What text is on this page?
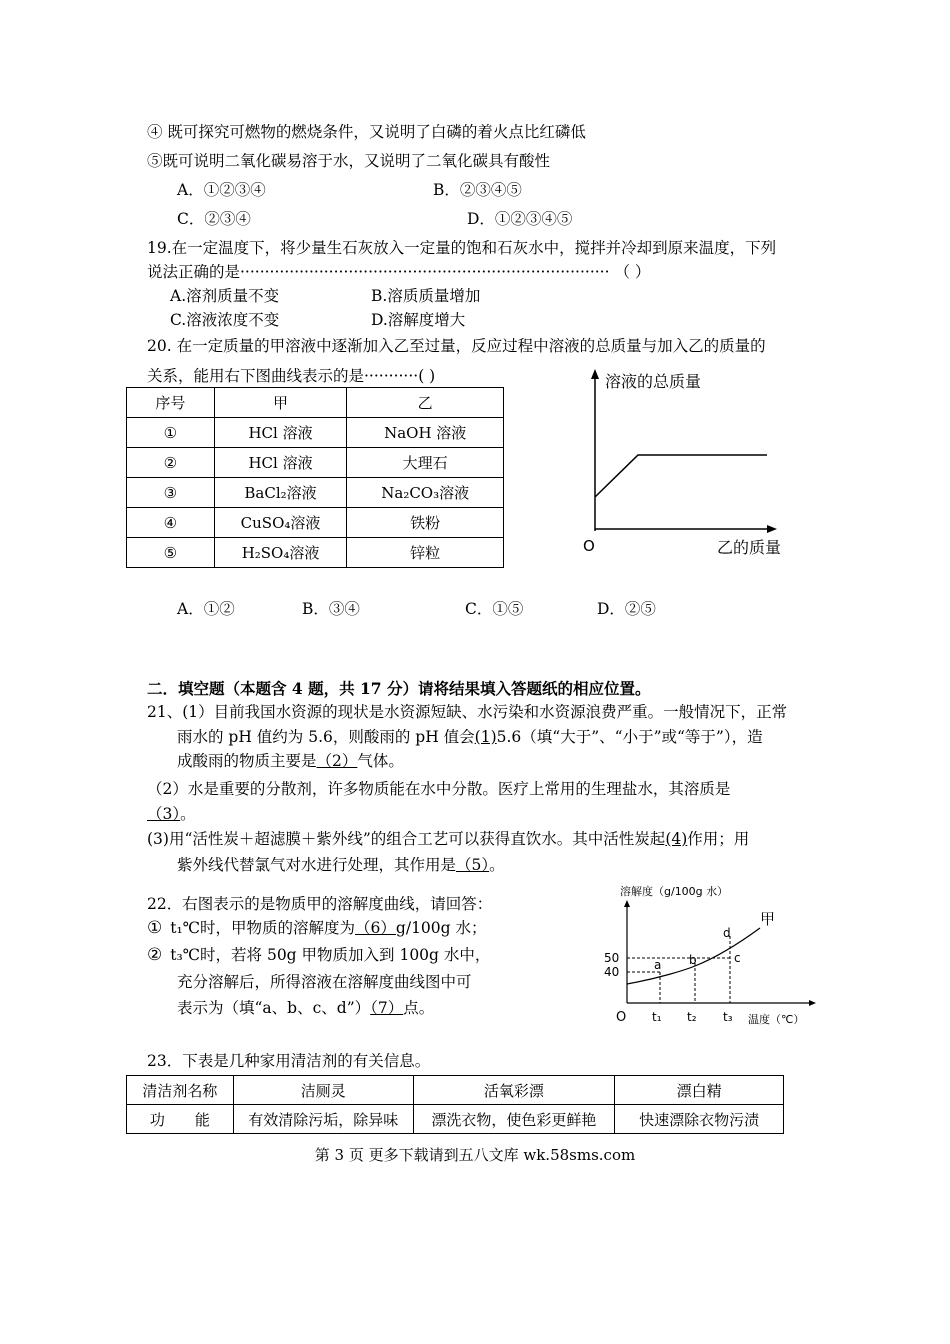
④ 既可探究可燃物的燃烧条件，又说明了白磷的着火点比红磷低
⑤既可说明二氧化碳易溶于水，又说明了二氧化碳具有酸性
A．①②③④	B．②③④⑤
C．②③④	D．①②③④⑤
19.在一定温度下，将少量生石灰放入一定量的饱和石灰水中，搅拌并冷却到原来温度，下列
说法正确的是··········································································· （ ）
A.溶剂质量不变	B.溶质质量增加
C.溶液浓度不变	D.溶解度增大
20. 在一定质量的甲溶液中逐渐加入乙至过量，反应过程中溶液的总质量与加入乙的质量的
关系，能用右下图曲线表示的是···········( )
序号	甲	乙
①	HCl 溶液	NaOH 溶液
②	HCl 溶液	大理石
③	BaCl₂溶液	Na₂CO₃溶液
④	CuSO₄溶液	铁粉
⑤	H₂SO₄溶液	锌粒
溶液的总质量
乙的质量
O
A．①②	B．③④	C．①⑤	D．②⑤
二．填空题（本题含 4 题，共 17 分）请将结果填入答题纸的相应位置。
21、(1）目前我国水资源的现状是水资源短缺、水污染和水资源浪费严重。一般情况下，正常
雨水的 pH 值约为 5.6，则酸雨的 pH 值会(1)5.6（填“大于”、“小于”或“等于”），造
成酸雨的物质主要是（2）气体。
（2）水是重要的分散剂，许多物质能在水中分散。医疗上常用的生理盐水，其溶质是
（3）。
(3)用“活性炭＋超滤膜＋紫外线”的组合工艺可以获得直饮水。其中活性炭起(4)作用；用
紫外线代替氯气对水进行处理，其作用是（5）。
22．右图表示的是物质甲的溶解度曲线，请回答：
① t₁℃时，甲物质的溶解度为（6）g/100g 水；
② t₃℃时，若将 50g 甲物质加入到 100g 水中，
充分溶解后，所得溶液在溶解度曲线图中可
表示为（填“a、b、c、d”）（7）点。
溶解度（g/100g 水）
甲
50
40
t₁ t₂ t₃ 温度（℃）
O
a b	c
d
23．下表是几种家用清洁剂的有关信息。
清洁剂名称	洁厕灵	活氧彩漂	漂白精
功　　能	有效清除污垢，除异味	漂洗衣物，使色彩更鲜艳	快速漂除衣物污渍
第 3 页 更多下载请到五八文库 wk.58sms.com
